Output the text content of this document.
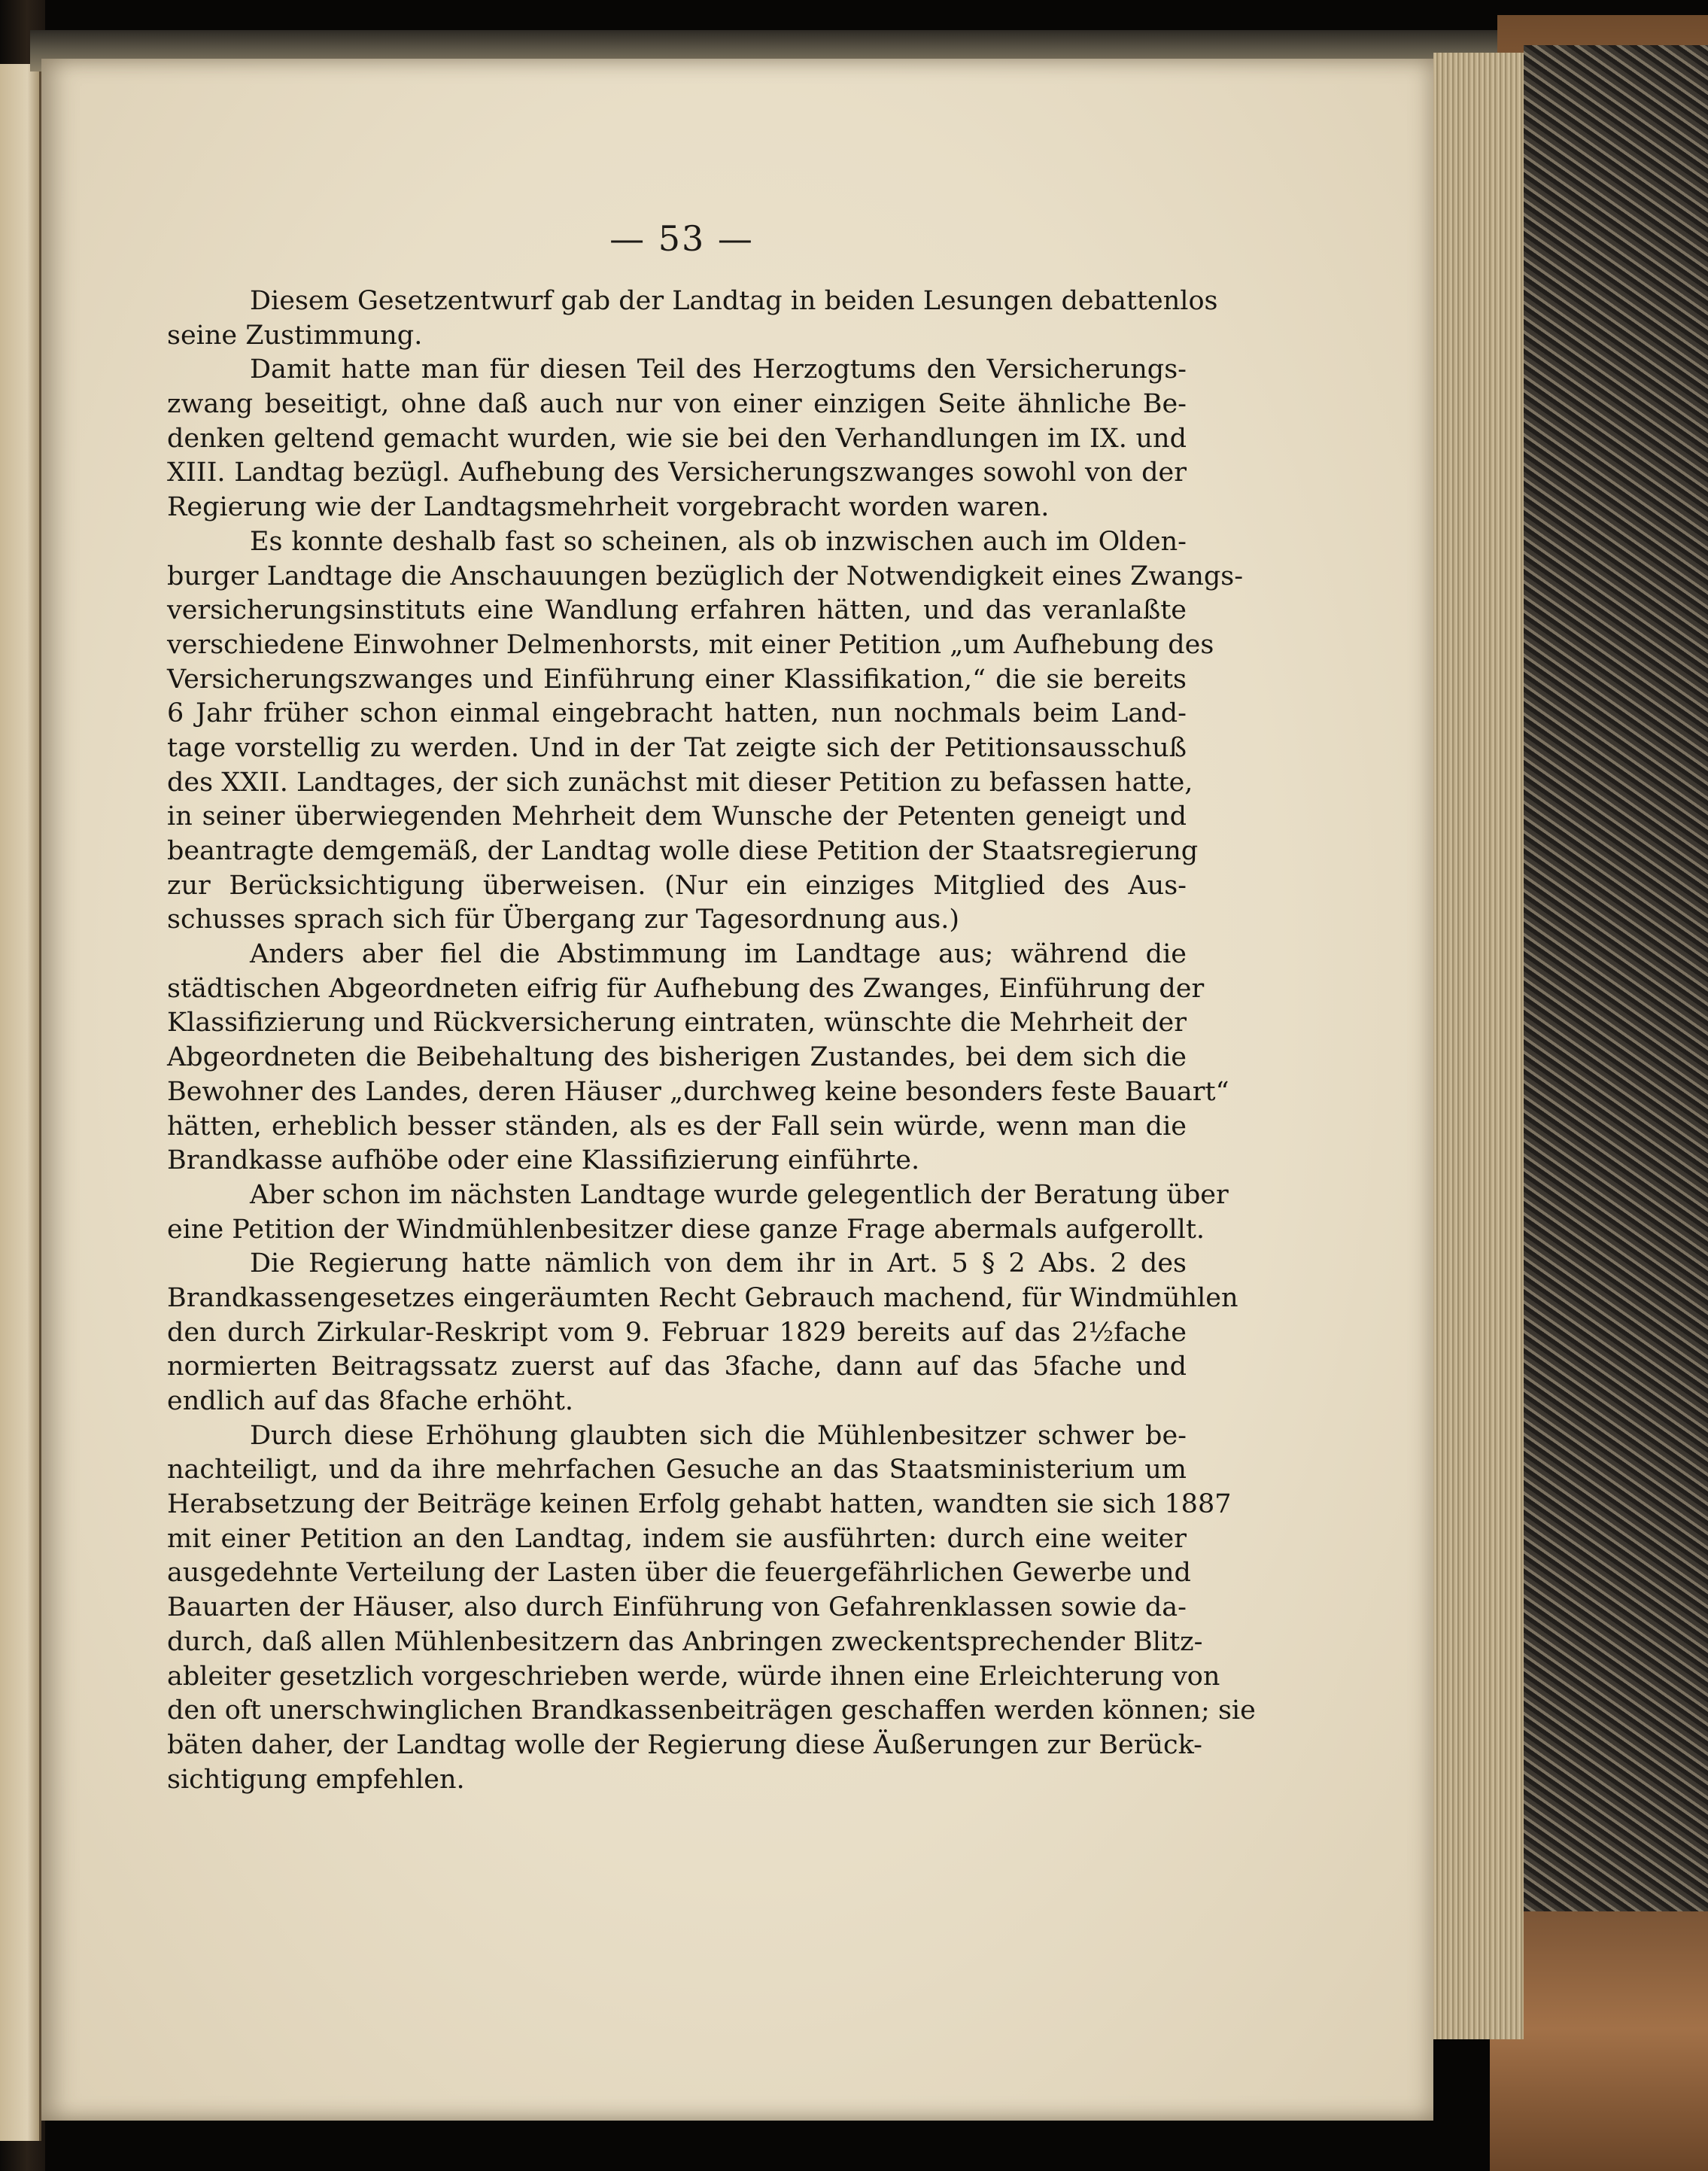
— 53 —
Diesem Gesetzentwurf gab der Landtag in beiden Lesungen debattenlos
seine Zustimmung.
Damit hatte man für diesen Teil des Herzogtums den Versicherungs-
zwang beseitigt, ohne daß auch nur von einer einzigen Seite ähnliche Be-
denken geltend gemacht wurden, wie sie bei den Verhandlungen im IX. und
XIII. Landtag bezügl. Aufhebung des Versicherungszwanges sowohl von der
Regierung wie der Landtagsmehrheit vorgebracht worden waren.
Es konnte deshalb fast so scheinen, als ob inzwischen auch im Olden-
burger Landtage die Anschauungen bezüglich der Notwendigkeit eines Zwangs-
versicherungsinstituts eine Wandlung erfahren hätten, und das veranlaßte
verschiedene Einwohner Delmenhorsts, mit einer Petition „um Aufhebung des
Versicherungszwanges und Einführung einer Klassifikation,“ die sie bereits
6 Jahr früher schon einmal eingebracht hatten, nun nochmals beim Land-
tage vorstellig zu werden. Und in der Tat zeigte sich der Petitionsausschuß
des XXII. Landtages, der sich zunächst mit dieser Petition zu befassen hatte,
in seiner überwiegenden Mehrheit dem Wunsche der Petenten geneigt und
beantragte demgemäß, der Landtag wolle diese Petition der Staatsregierung
zur Berücksichtigung überweisen. (Nur ein einziges Mitglied des Aus-
schusses sprach sich für Übergang zur Tagesordnung aus.)
Anders aber fiel die Abstimmung im Landtage aus; während die
städtischen Abgeordneten eifrig für Aufhebung des Zwanges, Einführung der
Klassifizierung und Rückversicherung eintraten, wünschte die Mehrheit der
Abgeordneten die Beibehaltung des bisherigen Zustandes, bei dem sich die
Bewohner des Landes, deren Häuser „durchweg keine besonders feste Bauart“
hätten, erheblich besser ständen, als es der Fall sein würde, wenn man die
Brandkasse aufhöbe oder eine Klassifizierung einführte.
Aber schon im nächsten Landtage wurde gelegentlich der Beratung über
eine Petition der Windmühlenbesitzer diese ganze Frage abermals aufgerollt.
Die Regierung hatte nämlich von dem ihr in Art. 5 § 2 Abs. 2 des
Brandkassengesetzes eingeräumten Recht Gebrauch machend, für Windmühlen
den durch Zirkular-Reskript vom 9. Februar 1829 bereits auf das 2½fache
normierten Beitragssatz zuerst auf das 3fache, dann auf das 5fache und
endlich auf das 8fache erhöht.
Durch diese Erhöhung glaubten sich die Mühlenbesitzer schwer be-
nachteiligt, und da ihre mehrfachen Gesuche an das Staatsministerium um
Herabsetzung der Beiträge keinen Erfolg gehabt hatten, wandten sie sich 1887
mit einer Petition an den Landtag, indem sie ausführten: durch eine weiter
ausgedehnte Verteilung der Lasten über die feuergefährlichen Gewerbe und
Bauarten der Häuser, also durch Einführung von Gefahrenklassen sowie da-
durch, daß allen Mühlenbesitzern das Anbringen zweckentsprechender Blitz-
ableiter gesetzlich vorgeschrieben werde, würde ihnen eine Erleichterung von
den oft unerschwinglichen Brandkassenbeiträgen geschaffen werden können; sie
bäten daher, der Landtag wolle der Regierung diese Äußerungen zur Berück-
sichtigung empfehlen.
